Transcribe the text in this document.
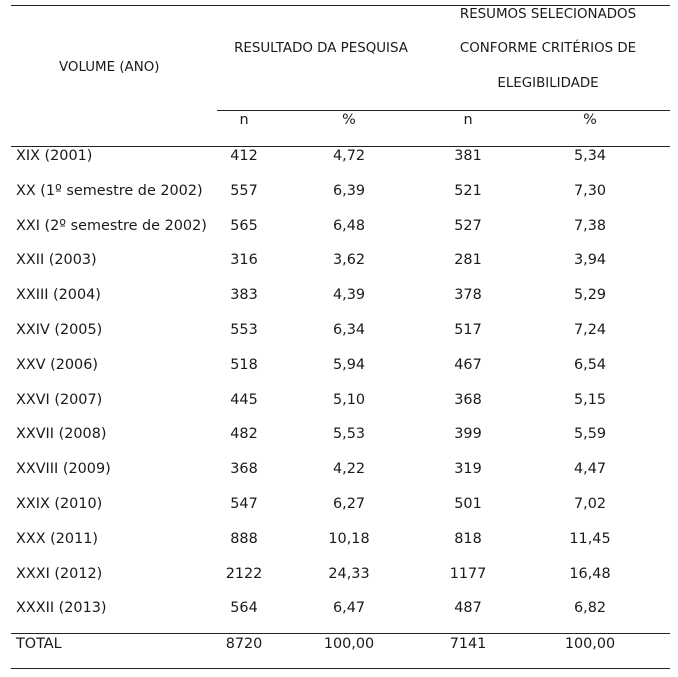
VOLUME (ANO)
RESULTADO DA PESQUISA
RESUMOS SELECIONADOS
CONFORME CRITÉRIOS DE
ELEGIBILIDADE
n	%	n	%
XIX (2001)	412	4,72	381	5,34
XX (1º semestre de 2002) 557	6,39	521	7,30
XXI (2º semestre de 2002) 565	6,48	527	7,38
XXII (2003)	316	3,62	281	3,94
XXIII (2004)	383	4,39	378	5,29
XXIV (2005)	553	6,34	517	7,24
XXV (2006)	518	5,94	467	6,54
XXVI (2007)	445	5,10	368	5,15
XXVII (2008)	482	5,53	399	5,59
XXVIII (2009)	368	4,22	319	4,47
XXIX (2010)	547	6,27	501	7,02
XXX (2011)	888	10,18	818	11,45
XXXI (2012)	2122	24,33	1177	16,48
XXXII (2013)	564	6,47	487	6,82
TOTAL	8720	100,00	7141	100,00
